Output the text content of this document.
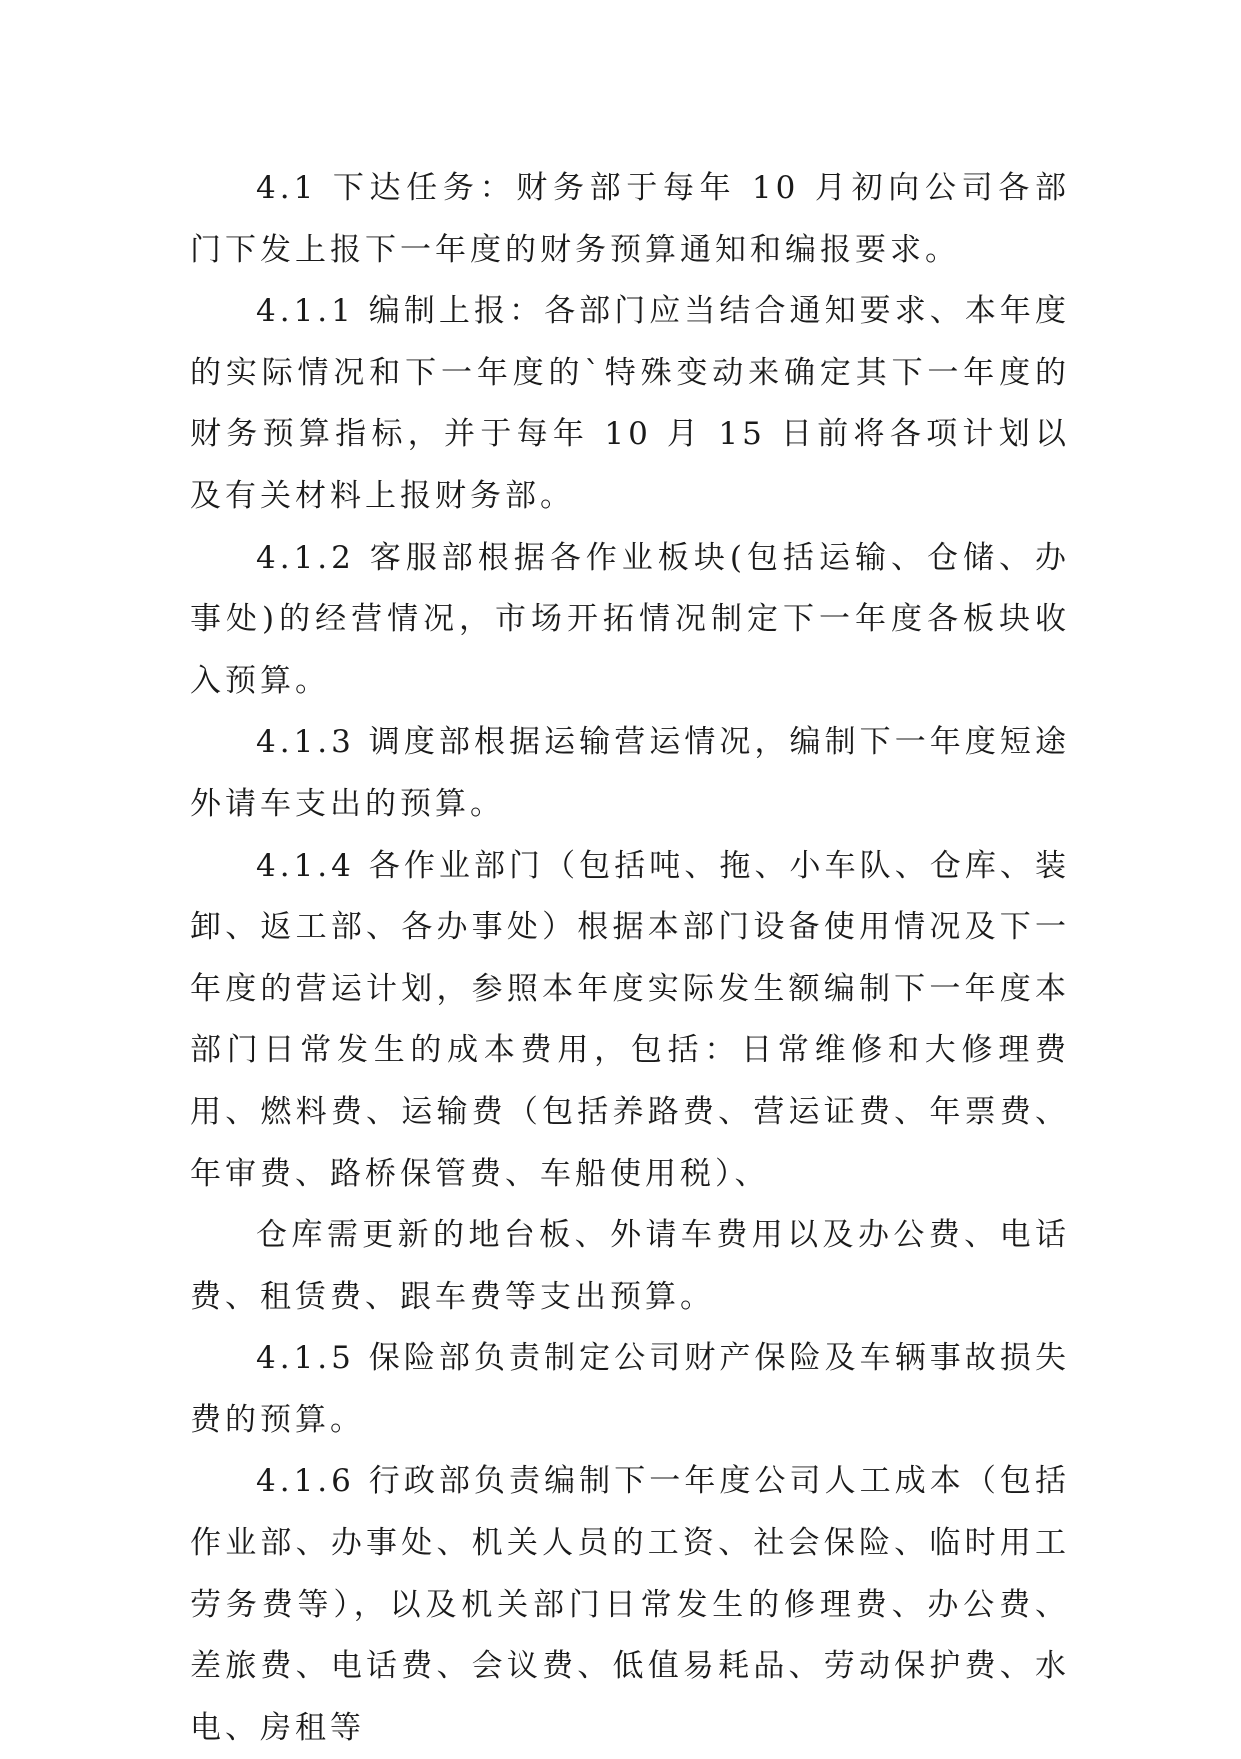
4.1 下达任务：财务部于每年 10 月初向公司各部门下发上报下一年度的财务预算通知和编报要求。

4.1.1 编制上报：各部门应当结合通知要求、本年度的实际情况和下一年度的`特殊变动来确定其下一年度的财务预算指标，并于每年 10 月 15 日前将各项计划以及有关材料上报财务部。

4.1.2 客服部根据各作业板块(包括运输、仓储、办事处)的经营情况，市场开拓情况制定下一年度各板块收入预算。

4.1.3 调度部根据运输营运情况，编制下一年度短途外请车支出的预算。

4.1.4 各作业部门（包括吨、拖、小车队、仓库、装卸、返工部、各办事处）根据本部门设备使用情况及下一年度的营运计划，参照本年度实际发生额编制下一年度本部门日常发生的成本费用，包括：日常维修和大修理费用、燃料费、运输费（包括养路费、营运证费、年票费、年审费、路桥保管费、车船使用税）、

仓库需更新的地台板、外请车费用以及办公费、电话费、租赁费、跟车费等支出预算。

4.1.5 保险部负责制定公司财产保险及车辆事故损失费的预算。

4.1.6 行政部负责编制下一年度公司人工成本（包括作业部、办事处、机关人员的工资、社会保险、临时用工劳务费等），以及机关部门日常发生的修理费、办公费、差旅费、电话费、会议费、低值易耗品、劳动保护费、水电、房租等
